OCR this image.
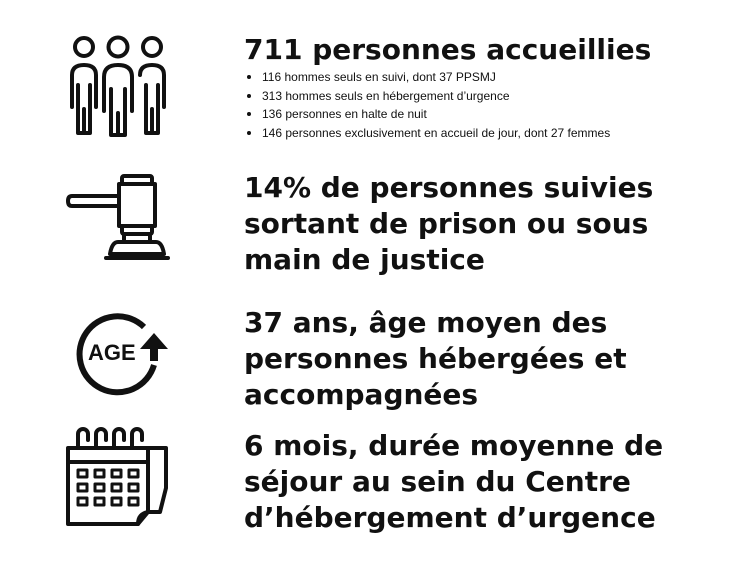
AGE
711 personnes accueillies
116 hommes seuls en suivi, dont 37 PPSMJ
313 hommes seuls en hébergement d’urgence
136 personnes en halte de nuit
146 personnes exclusivement en accueil de jour, dont 27 femmes
14% de personnes suivies
sortant de prison ou sous
main de justice
37 ans, âge moyen des
personnes hébergées et
accompagnées
6 mois, durée moyenne de
séjour au sein du Centre
d’hébergement d’urgence
